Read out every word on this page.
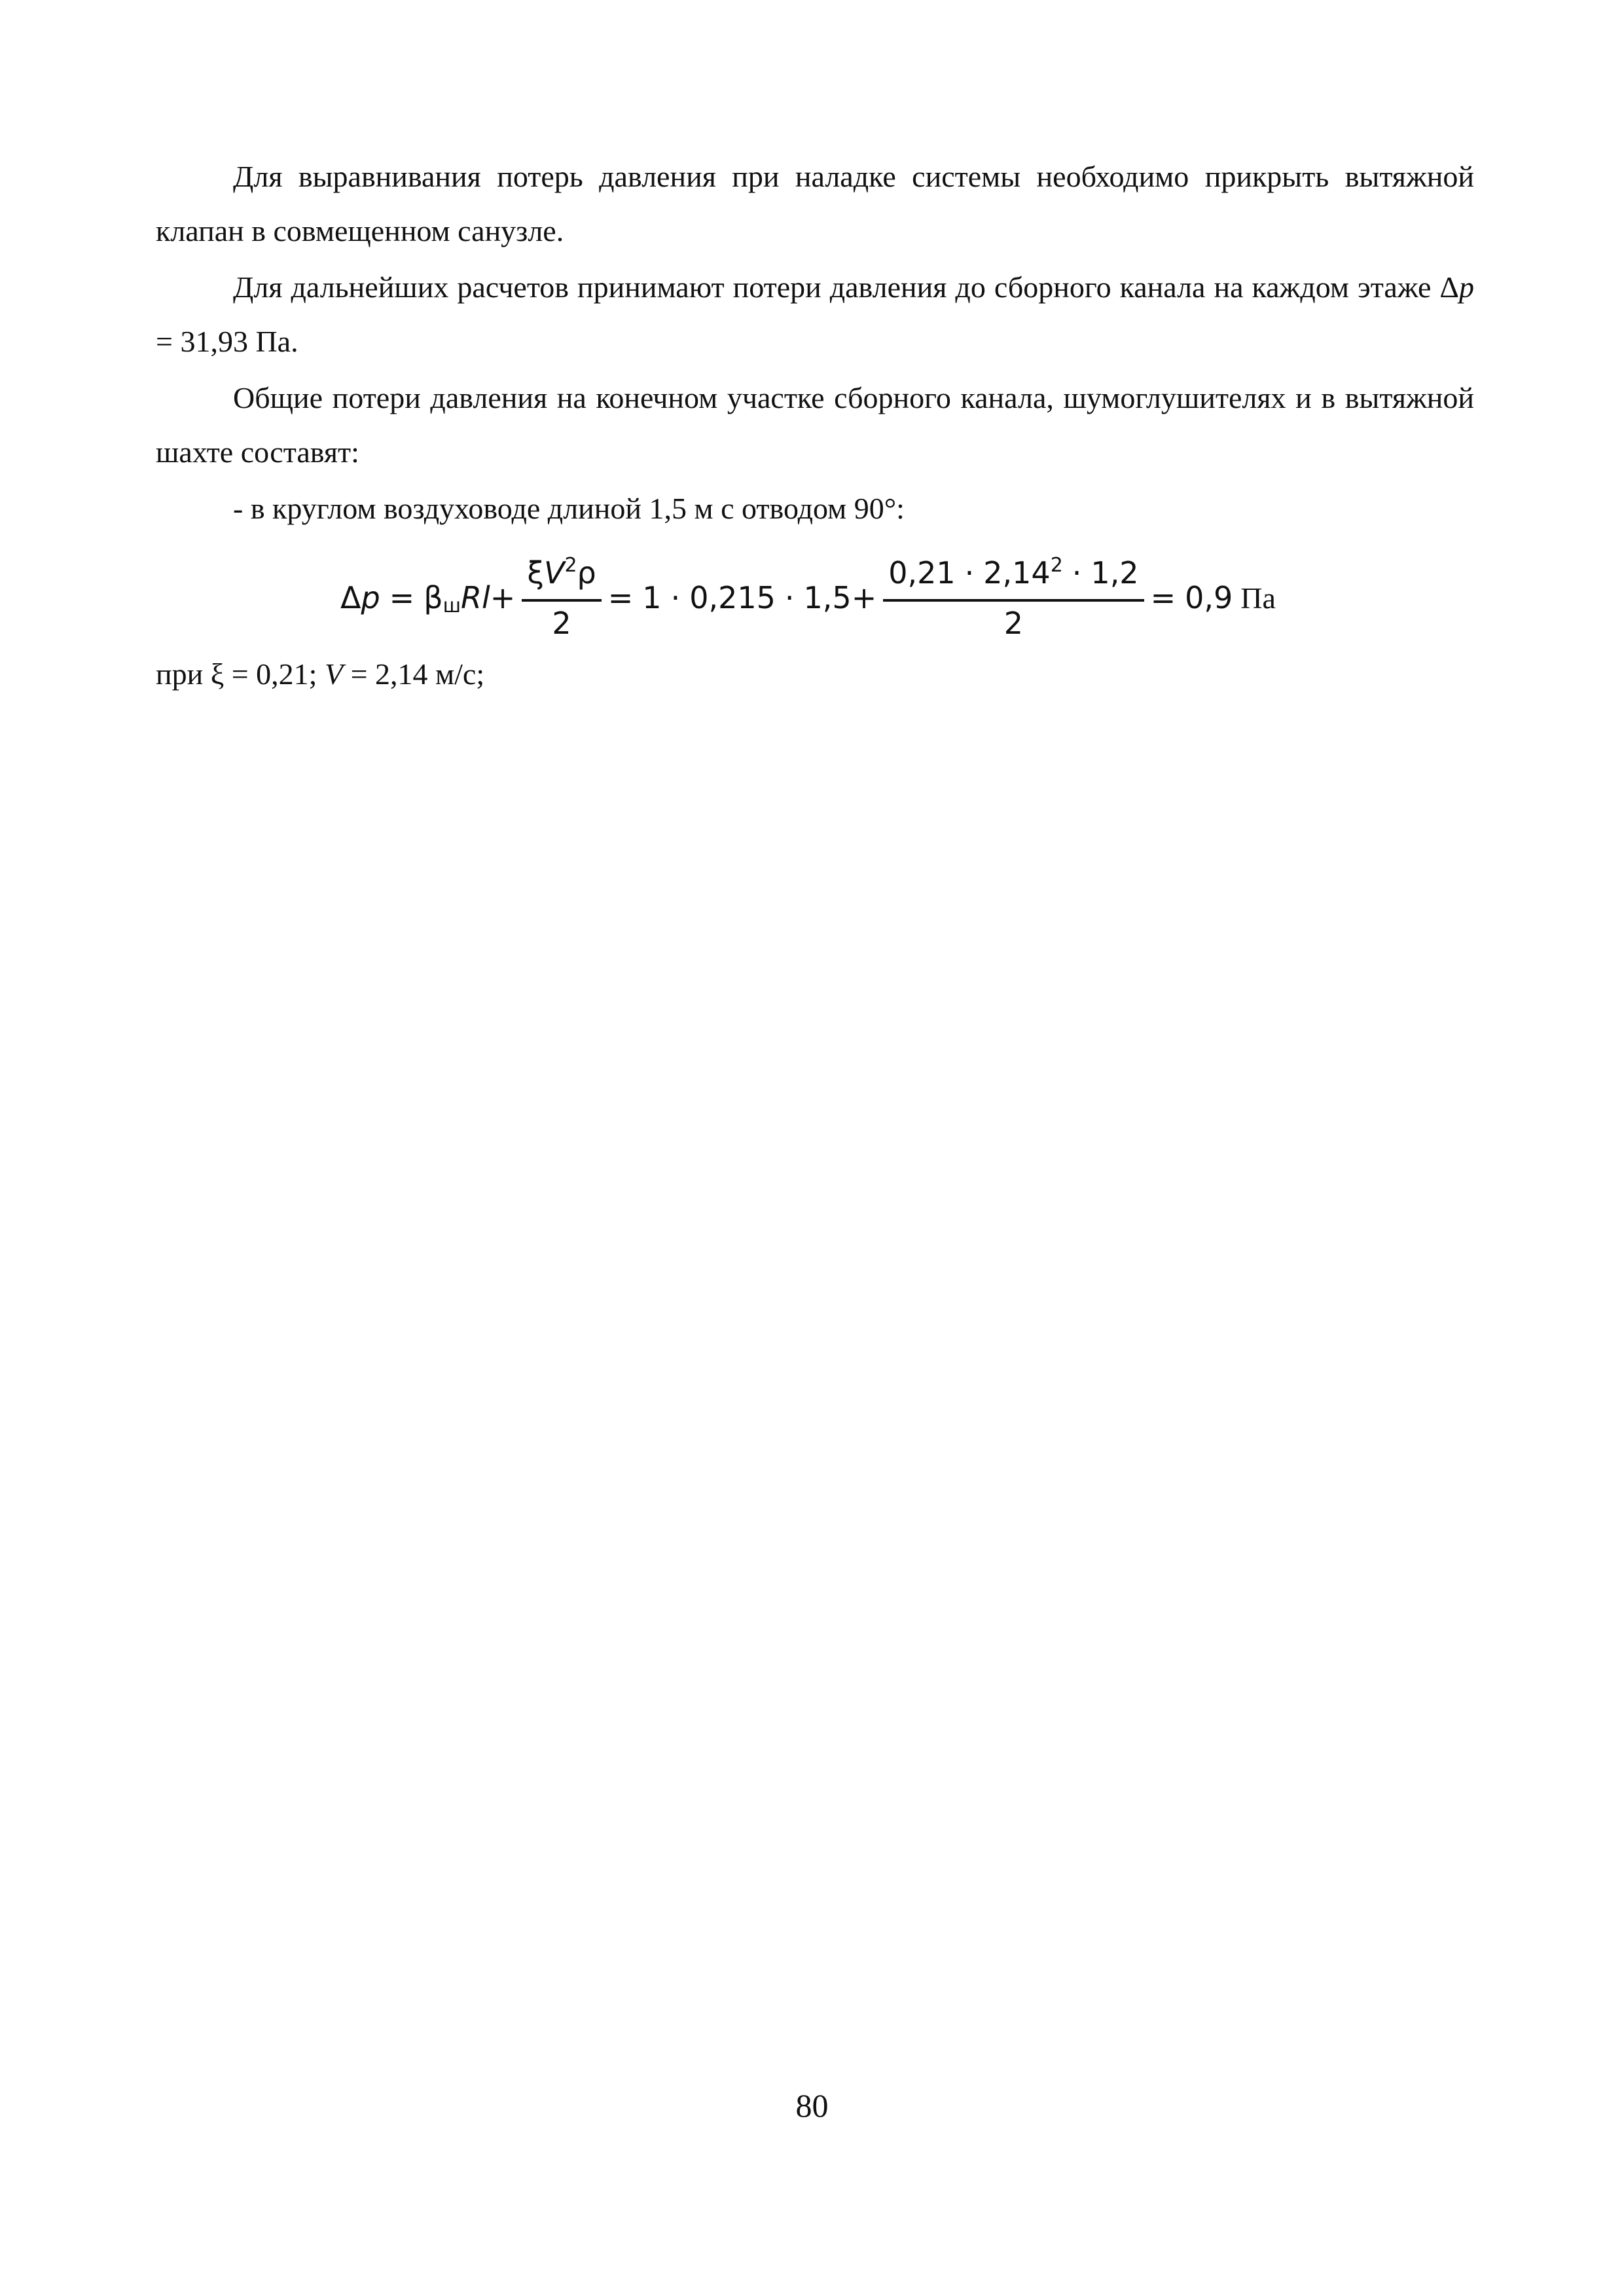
Для выравнивания потерь давления при наладке системы необходимо прикрыть вытяжной клапан в совмещенном санузле.

Для дальнейших расчетов принимают потери давления до сборного канала на каждом этаже Δp = 31,93 Па.

Общие потери давления на конечном участке сборного канала, шумоглушителях и в вытяжной шахте составят:

- в круглом воздуховоде длиной 1,5 м с отводом 90°:

при ξ = 0,21; V = 2,14 м/с;

Δ p = β ш $Rl + \frac{\xi V^2\rho}{2} = 1 \cdot 0,215 \cdot 1,5 + \frac{0,21 \cdot 2,14^2 \cdot 1,2}{2} = 0,9$ Па
80
